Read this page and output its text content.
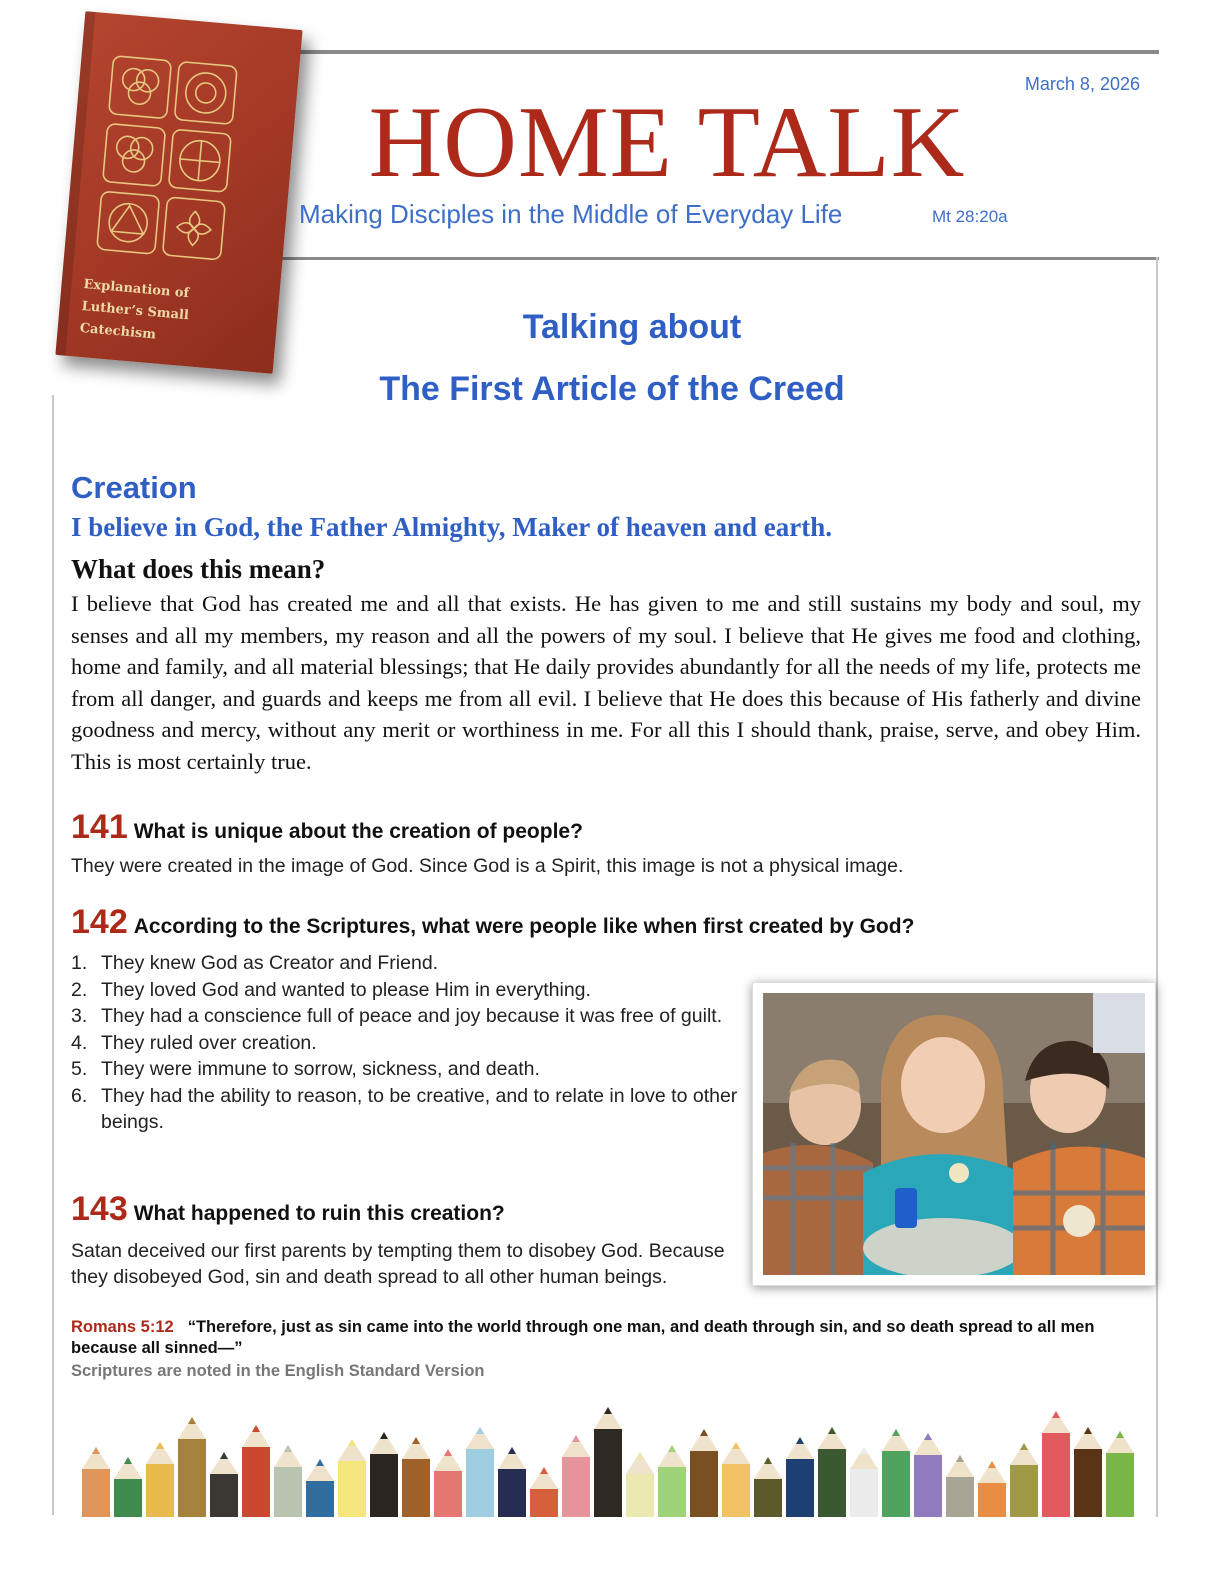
Explanation of
Luther’s Small Catechism
March 8, 2026
HOME TALK
Making Disciples in the Middle of Everyday Life	Mt 28:20a
Talking about
The First Article of the Creed
Creation
I believe in God, the Father Almighty, Maker of heaven and earth.
What does this mean?
I believe that God has created me and all that exists. He has given to me and still sustains my body and soul, my senses and all my members, my reason and all the powers of my soul. I believe that He gives me food and clothing, home and family, and all material blessings; that He daily provides abundantly for all the needs of my life, protects me from all danger, and guards and keeps me from all evil. I believe that He does this because of His fatherly and divine goodness and mercy, without any merit or worthiness in me. For all this I should thank, praise, serve, and obey Him. This is most certainly true.
141 What is unique about the creation of people?
They were created in the image of God. Since God is a Spirit, this image is not a physical image.
142 According to the Scriptures, what were people like when first created by God?
1. They knew God as Creator and Friend.
2. They loved God and wanted to please Him in everything.
3. They had a conscience full of peace and joy because it was free of guilt.
4. They ruled over creation.
5. They were immune to sorrow, sickness, and death.
6. They had the ability to reason, to be creative, and to relate in love to other beings.
143 What happened to ruin this creation?
Satan deceived our first parents by tempting them to disobey God. Because they disobeyed God, sin and death spread to all other human beings.
Romans 5:12 “Therefore, just as sin came into the world through one man, and death through sin, and so death spread to all men because all sinned—”
Scriptures are noted in the English Standard Version
